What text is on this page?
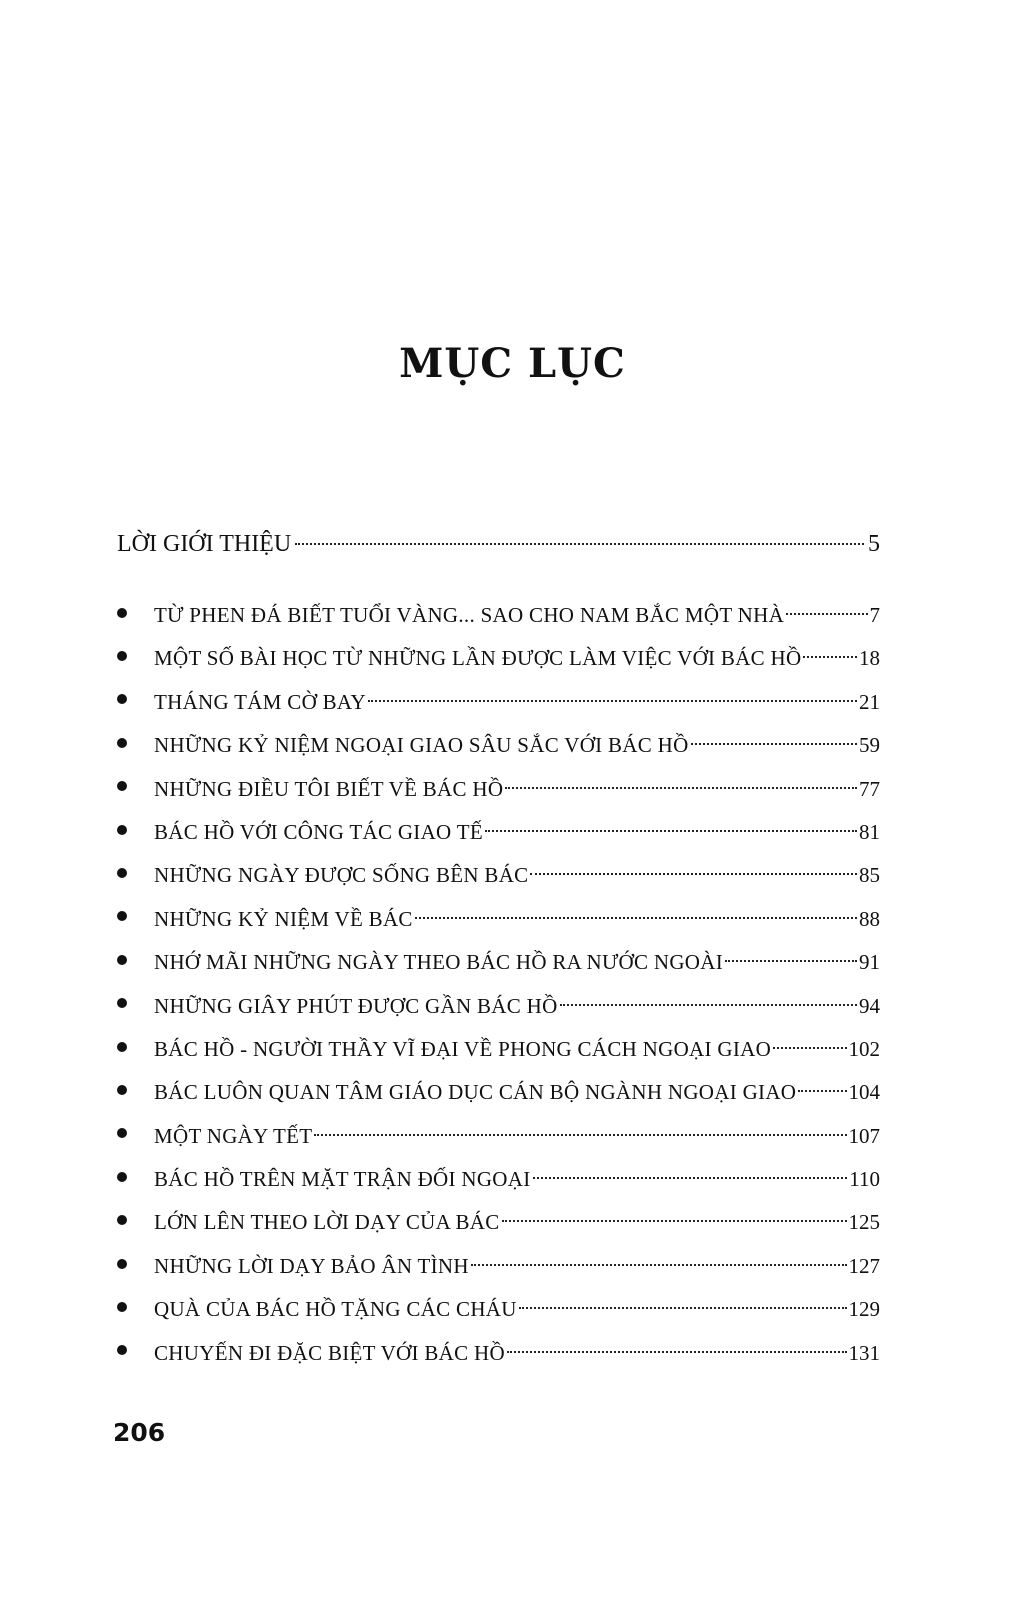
MỤC LỤC
LỜI GIỚI THIỆU	5
TỪ PHEN ĐÁ BIẾT TUỔI VÀNG... SAO CHO NAM BẮC MỘT NHÀ	7
MỘT SỐ BÀI HỌC TỪ NHỮNG LẦN ĐƯỢC LÀM VIỆC VỚI BÁC HỒ	18
THÁNG TÁM CỜ BAY	21
NHỮNG KỶ NIỆM NGOẠI GIAO SÂU SẮC VỚI BÁC HỒ	59
NHỮNG ĐIỀU TÔI BIẾT VỀ BÁC HỒ	77
BÁC HỒ VỚI CÔNG TÁC GIAO TẾ	81
NHỮNG NGÀY ĐƯỢC SỐNG BÊN BÁC	85
NHỮNG KỶ NIỆM VỀ BÁC	88
NHỚ MÃI NHỮNG NGÀY THEO BÁC HỒ RA NƯỚC NGOÀI	91
NHỮNG GIÂY PHÚT ĐƯỢC GẦN BÁC HỒ	94
BÁC HỒ - NGƯỜI THẦY VĨ ĐẠI VỀ PHONG CÁCH NGOẠI GIAO	102
BÁC LUÔN QUAN TÂM GIÁO DỤC CÁN BỘ NGÀNH NGOẠI GIAO 104
MỘT NGÀY TẾT	107
BÁC HỒ TRÊN MẶT TRẬN ĐỐI NGOẠI	110
LỚN LÊN THEO LỜI DẠY CỦA BÁC	125
NHỮNG LỜI DẠY BẢO ÂN TÌNH	127
QUÀ CỦA BÁC HỒ TẶNG CÁC CHÁU	129
CHUYẾN ĐI ĐẶC BIỆT VỚI BÁC HỒ	131
206
